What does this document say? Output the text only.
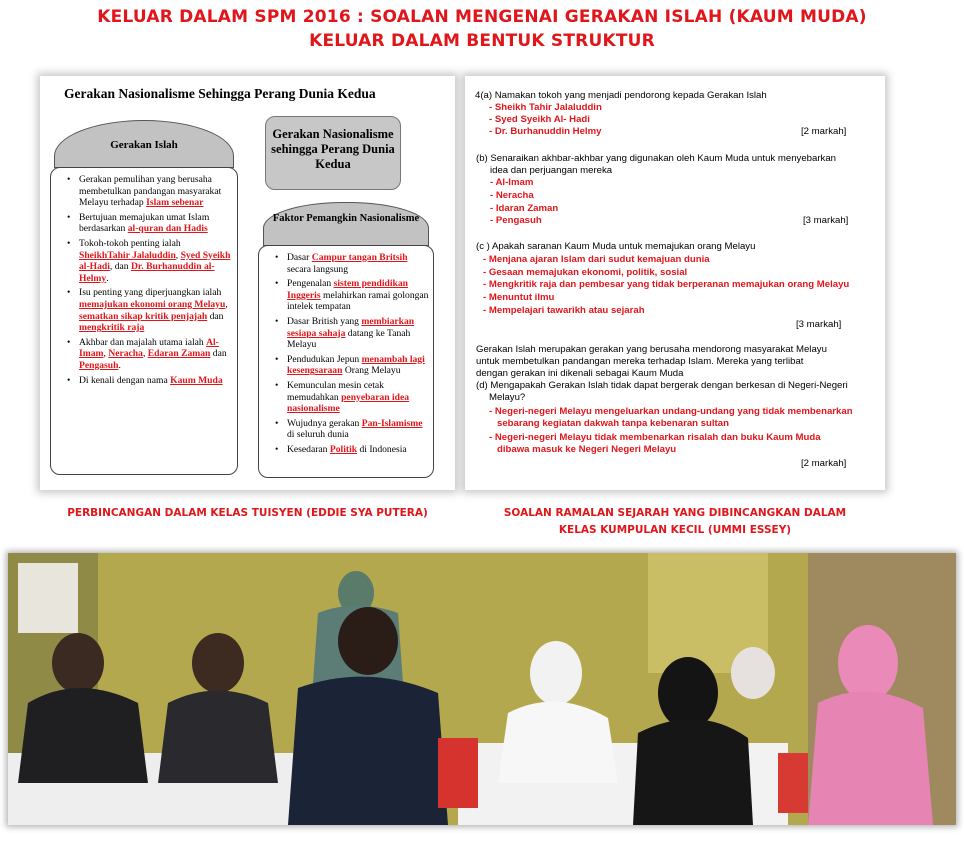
KELUAR DALAM SPM 2016 : SOALAN MENGENAI GERAKAN ISLAH (KAUM MUDA)
KELUAR DALAM BENTUK STRUKTUR
Gerakan Nasionalisme Sehingga Perang Dunia Kedua
Gerakan Islah
• Gerakan pemulihan yang berusaha membetulkan pandangan masyarakat Melayu terhadap Islam sebenar
• Bertujuan memajukan umat Islam berdasarkan al-quran dan Hadis
• Tokoh-tokoh penting ialah SheikhTahir Jalaluddin, Syed Syeikh al-Hadi, dan Dr. Burhanuddin al-Helmy.
• Isu penting yang diperjuangkan ialah memajukan ekonomi orang Melayu, sematkan sikap kritik penjajah dan mengkritik raja
• Akhbar dan majalah utama ialah Al-Imam, Neracha, Edaran Zaman dan Pengasuh.
• Di kenali dengan nama Kaum Muda
Gerakan Nasionalisme sehingga Perang Dunia Kedua
Faktor Pemangkin Nasionalisme
• Dasar Campur tangan Britsih secara langsung
• Pengenalan sistem pendidikan Inggeris melahirkan ramai golongan intelek tempatan
• Dasar British yang membiarkan sesiapa sahaja datang ke Tanah Melayu
• Pendudukan Jepun menambah lagi kesengsaraan Orang Melayu
• Kemunculan mesin cetak memudahkan penyebaran idea nasionalisme
• Wujudnya gerakan Pan-Islamisme di seluruh dunia
• Kesedaran Politik di Indonesia
4(a) Namakan tokoh yang menjadi pendorong kepada Gerakan Islah
- Sheikh Tahir Jalaluddin
- Syed Syeikh Al- Hadi
- Dr. Burhanuddin Helmy	[2 markah]
(b) Senaraikan akhbar-akhbar yang digunakan oleh Kaum Muda untuk menyebarkan
idea dan perjuangan mereka
- Al-Imam
- Neracha
- Idaran Zaman
- Pengasuh	[3 markah]
(c ) Apakah saranan Kaum Muda untuk memajukan orang Melayu
- Menjana ajaran Islam dari sudut kemajuan dunia
- Gesaan memajukan ekonomi, politik, sosial
- Mengkritik raja dan pembesar yang tidak berperanan memajukan orang Melayu
- Menuntut ilmu
- Mempelajari tawarikh atau sejarah
[3 markah]
Gerakan Islah merupakan gerakan yang berusaha mendorong masyarakat Melayu
untuk membetulkan pandangan mereka terhadap Islam. Mereka yang terlibat
dengan gerakan ini dikenali sebagai Kaum Muda
(d) Mengapakah Gerakan Islah tidak dapat bergerak dengan berkesan di Negeri-Negeri
Melayu?
- Negeri-negeri Melayu mengeluarkan undang-undang yang tidak membenarkan
sebarang kegiatan dakwah tanpa kebenaran sultan
- Negeri-negeri Melayu tidak membenarkan risalah dan buku Kaum Muda
dibawa masuk ke Negeri Negeri Melayu
[2 markah]
PERBINCANGAN DALAM KELAS TUISYEN (EDDIE SYA PUTERA)	SOALAN RAMALAN SEJARAH YANG DIBINCANGKAN DALAM
KELAS KUMPULAN KECIL (UMMI ESSEY)
